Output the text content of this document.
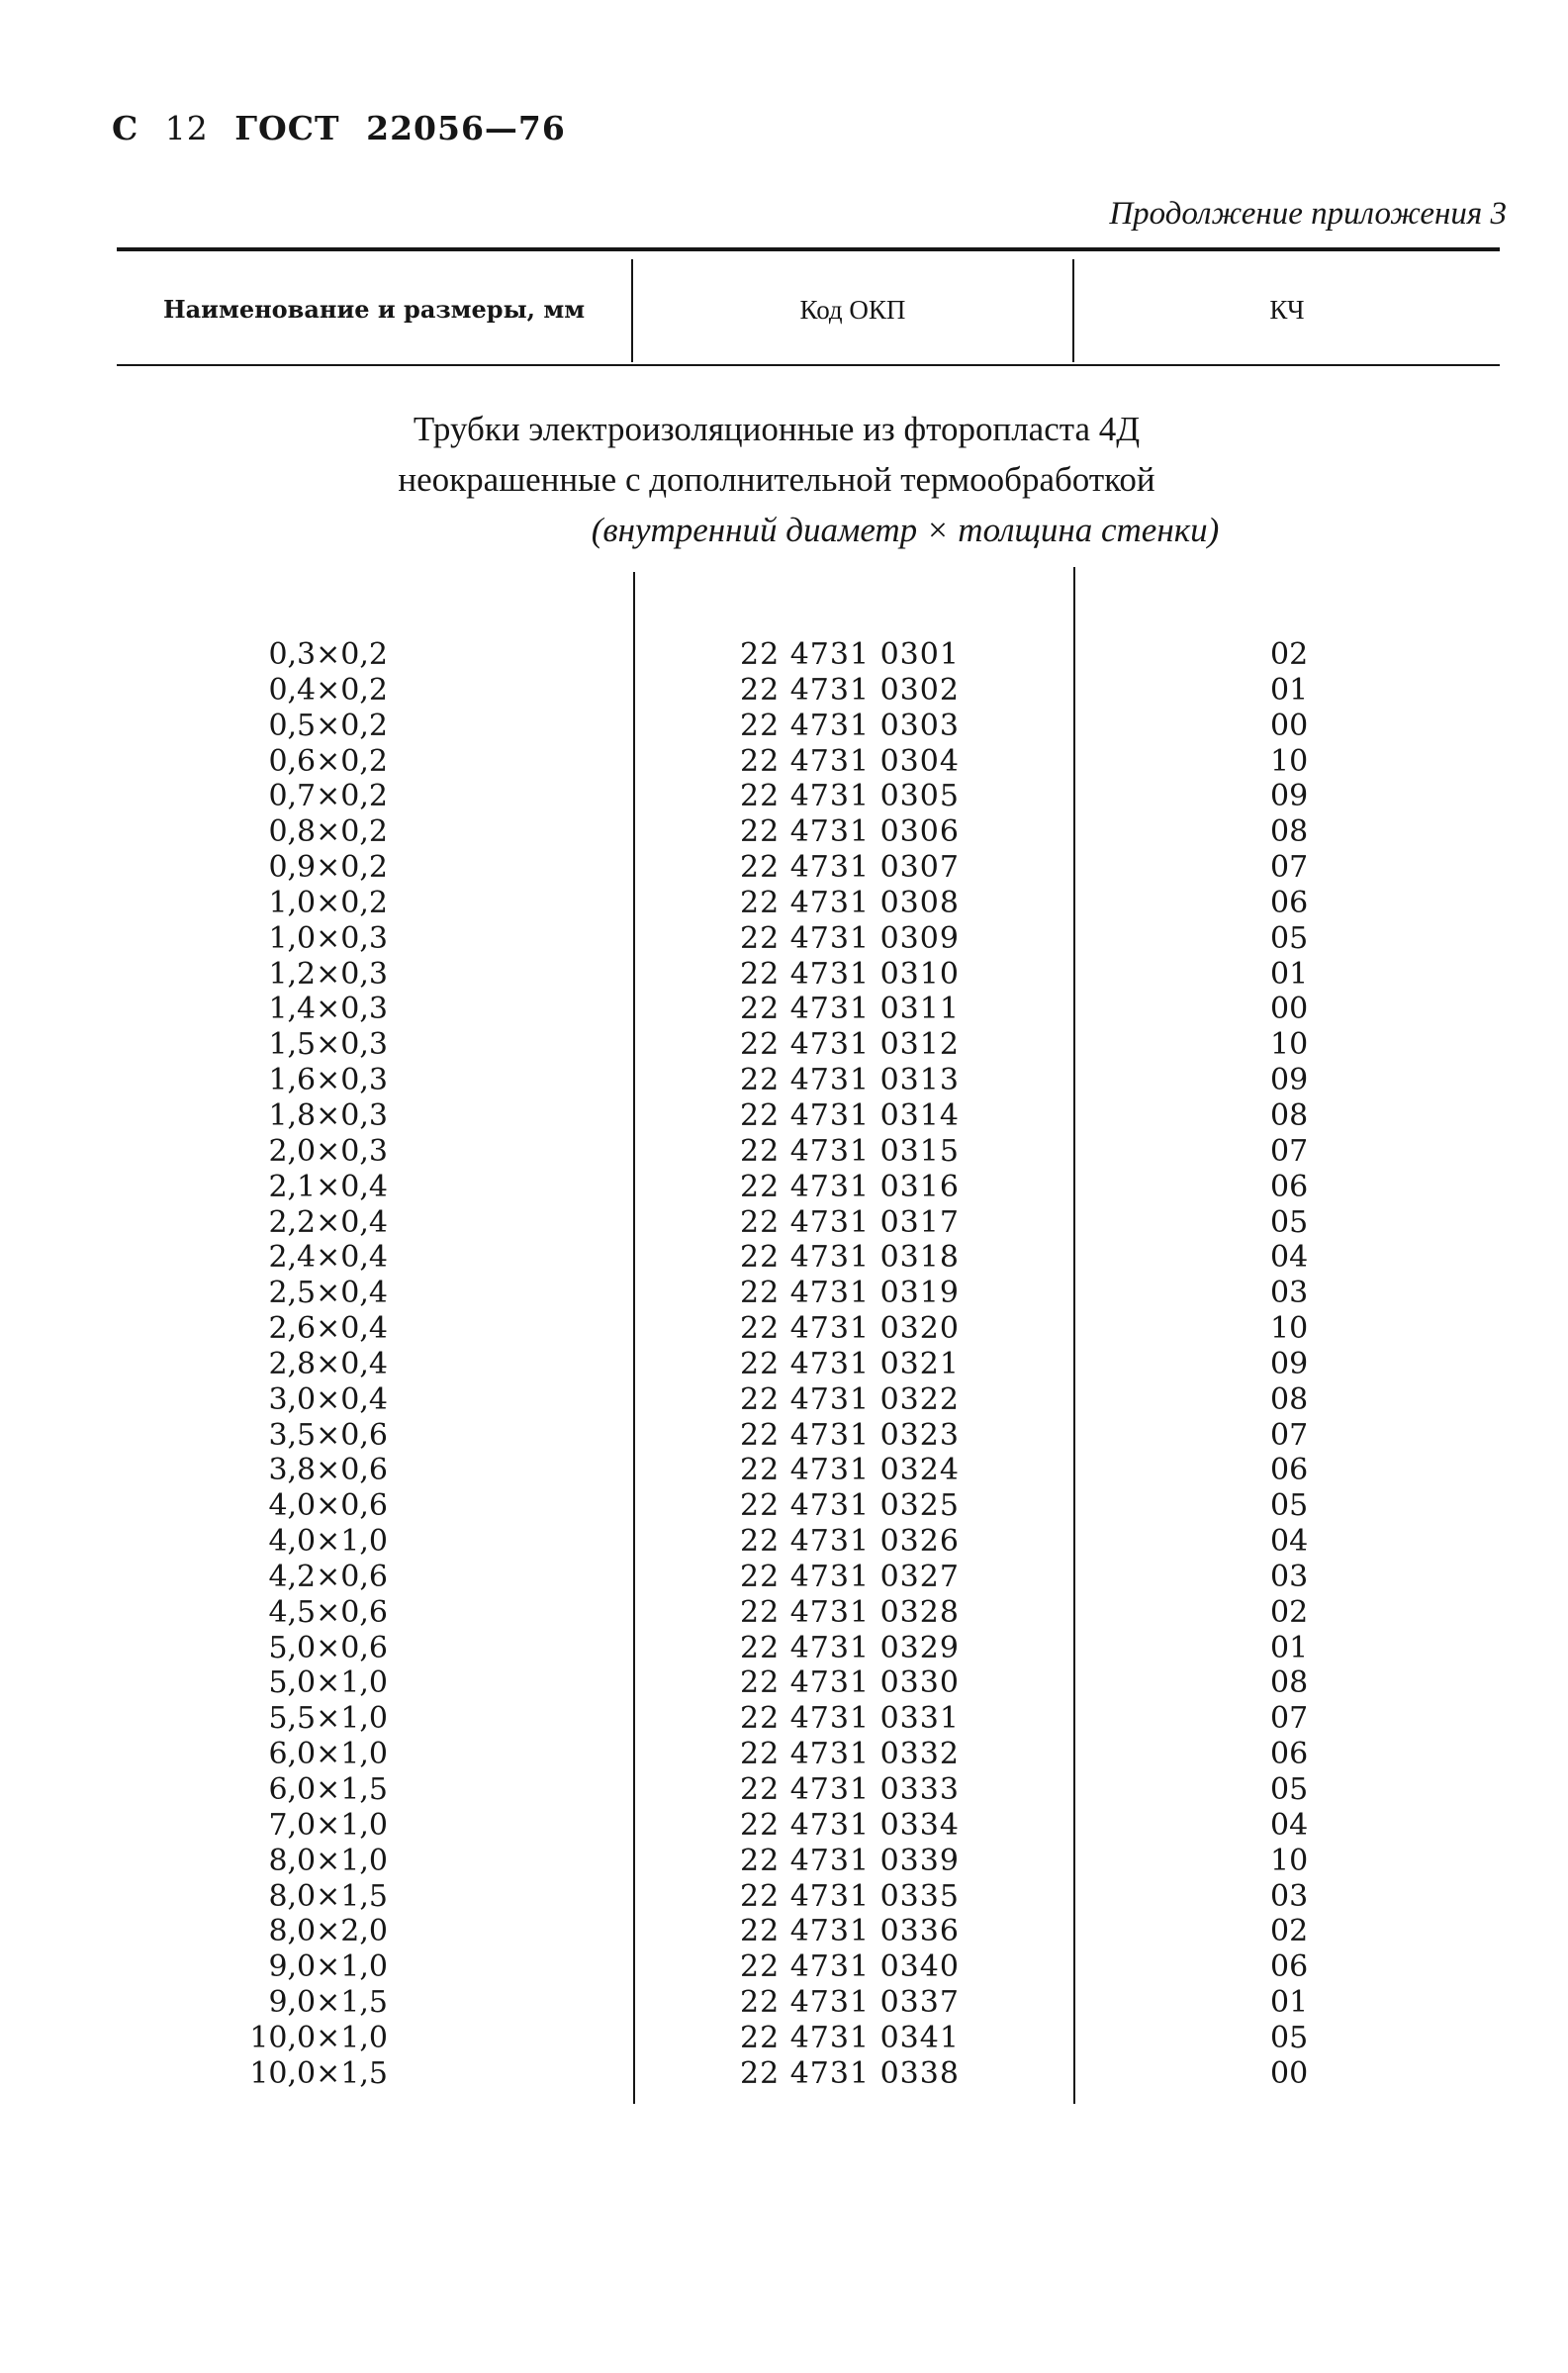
С 12 ГОСТ 22056—76
Продолжение приложения 3
Наименование и размеры, мм	Код ОКП	КЧ
Трубки электроизоляционные из фторопласта 4Д
неокрашенные с дополнительной термообработкой
(внутренний диаметр × толщина стенки)
0,3×0,2	22 4731 0301	02
0,4×0,2	22 4731 0302	01
0,5×0,2	22 4731 0303	00
0,6×0,2	22 4731 0304	10
0,7×0,2	22 4731 0305	09
0,8×0,2	22 4731 0306	08
0,9×0,2	22 4731 0307	07
1,0×0,2	22 4731 0308	06
1,0×0,3	22 4731 0309	05
1,2×0,3	22 4731 0310	01
1,4×0,3	22 4731 0311	00
1,5×0,3	22 4731 0312	10
1,6×0,3	22 4731 0313	09
1,8×0,3	22 4731 0314	08
2,0×0,3	22 4731 0315	07
2,1×0,4	22 4731 0316	06
2,2×0,4	22 4731 0317	05
2,4×0,4	22 4731 0318	04
2,5×0,4	22 4731 0319	03
2,6×0,4	22 4731 0320	10
2,8×0,4	22 4731 0321	09
3,0×0,4	22 4731 0322	08
3,5×0,6	22 4731 0323	07
3,8×0,6	22 4731 0324	06
4,0×0,6	22 4731 0325	05
4,0×1,0	22 4731 0326	04
4,2×0,6	22 4731 0327	03
4,5×0,6	22 4731 0328	02
5,0×0,6	22 4731 0329	01
5,0×1,0	22 4731 0330	08
5,5×1,0	22 4731 0331	07
6,0×1,0	22 4731 0332	06
6,0×1,5	22 4731 0333	05
7,0×1,0	22 4731 0334	04
8,0×1,0	22 4731 0339	10
8,0×1,5	22 4731 0335	03
8,0×2,0	22 4731 0336	02
9,0×1,0	22 4731 0340	06
9,0×1,5	22 4731 0337	01
10,0×1,0	22 4731 0341	05
10,0×1,5	22 4731 0338	00
